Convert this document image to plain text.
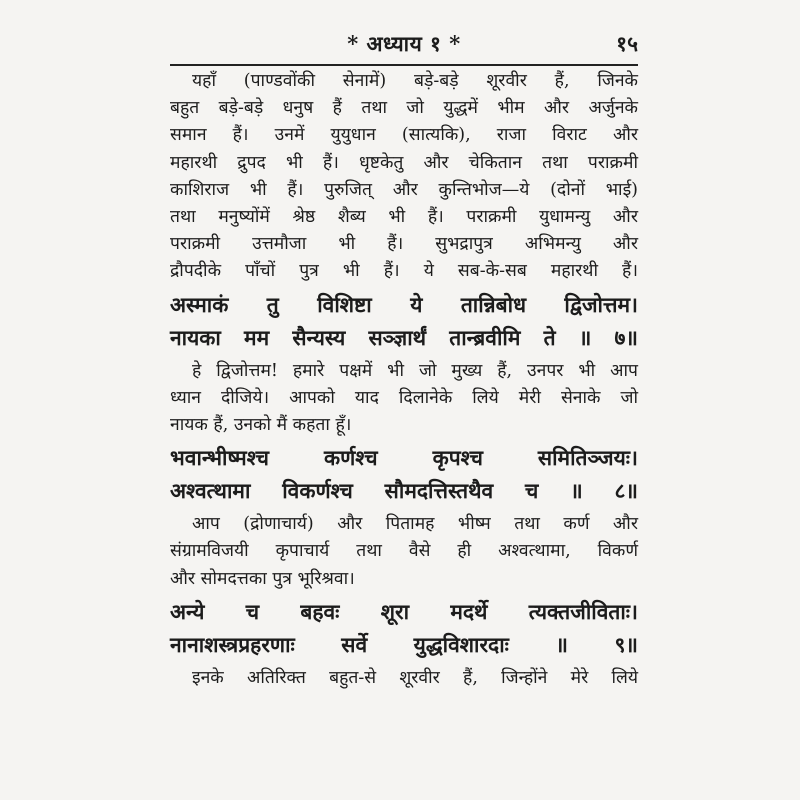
* अध्याय १ *	१५

यहाँ (पाण्डवोंकी सेनामें) बड़े-बड़े शूरवीर हैं, जिनके
बहुत बड़े-बड़े धनुष हैं तथा जो युद्धमें भीम और अर्जुनके
समान हैं। उनमें युयुधान (सात्यकि), राजा विराट और
महारथी द्रुपद भी हैं। धृष्टकेतु और चेकितान तथा पराक्रमी
काशिराज भी हैं। पुरुजित् और कुन्तिभोज—ये (दोनों भाई)
तथा मनुष्योंमें श्रेष्ठ शैब्य भी हैं। पराक्रमी युधामन्यु और
पराक्रमी उत्तमौजा भी हैं। सुभद्रापुत्र अभिमन्यु और
द्रौपदीके पाँचों पुत्र भी हैं। ये सब-के-सब महारथी हैं।

अस्माकं तु विशिष्टा ये तान्निबोध द्विजोत्तम।
नायका मम सैन्यस्य सञ्ज्ञार्थं तान्ब्रवीमि ते ॥ ७॥

हे द्विजोत्तम! हमारे पक्षमें भी जो मुख्य हैं, उनपर भी आप
ध्यान दीजिये। आपको याद दिलानेके लिये मेरी सेनाके जो
नायक हैं, उनको मैं कहता हूँ।

भवान्भीष्मश्च कर्णश्च कृपश्च समितिञ्जयः।
अश्वत्थामा विकर्णश्च सौमदत्तिस्तथैव च ॥ ८॥

आप (द्रोणाचार्य) और पितामह भीष्म तथा कर्ण और
संग्रामविजयी कृपाचार्य तथा वैसे ही अश्वत्थामा, विकर्ण
और सोमदत्तका पुत्र भूरिश्रवा।

अन्ये च बहवः शूरा मदर्थे त्यक्तजीविताः।
नानाशस्त्रप्रहरणाः सर्वे युद्धविशारदाः ॥ ९॥

इनके अतिरिक्त बहुत-से शूरवीर हैं, जिन्होंने मेरे लिये
